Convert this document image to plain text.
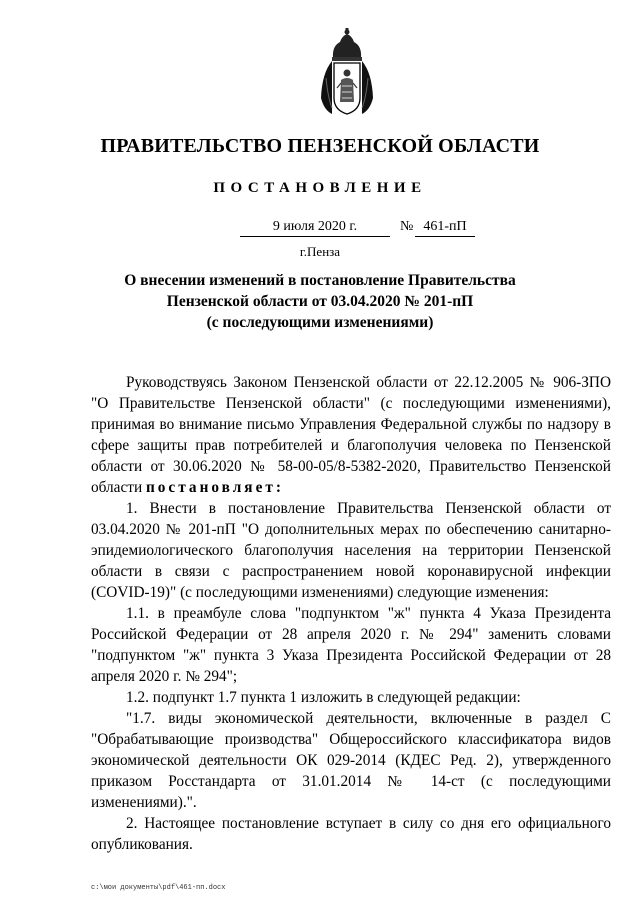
ПРАВИТЕЛЬСТВО ПЕНЗЕНСКОЙ ОБЛАСТИ
ПОСТАНОВЛЕНИЕ
9 июля 2020 г.	№ 461-пП
г.Пенза
О внесении изменений в постановление Правительства
Пензенской области от 03.04.2020 № 201-пП
(с последующими изменениями)

Руководствуясь Законом Пензенской области от 22.12.2005 № 906-ЗПО "О Правительстве Пензенской области" (с последующими изменениями), принимая во внимание письмо Управления Федеральной службы по надзору в сфере защиты прав потребителей и благополучия человека по Пензенской области от 30.06.2020 № 58-00-05/8-5382-2020, Правительство Пензенской области постановляет:

1. Внести в постановление Правительства Пензенской области от 03.04.2020 № 201-пП "О дополнительных мерах по обеспечению санитарно-эпидемиологического благополучия населения на территории Пензенской области в связи с распространением новой коронавирусной инфекции (COVID-19)" (с последующими изменениями) следующие изменения:

1.1. в преамбуле слова "подпунктом "ж" пункта 4 Указа Президента Российской Федерации от 28 апреля 2020 г. № 294" заменить словами "подпунктом "ж" пункта 3 Указа Президента Российской Федерации от 28 апреля 2020 г. № 294";

1.2. подпункт 1.7 пункта 1 изложить в следующей редакции:

"1.7. виды экономической деятельности, включенные в раздел С "Обрабатывающие производства" Общероссийского классификатора видов экономической деятельности ОК 029-2014 (КДЕС Ред. 2), утвержденного приказом Росстандарта от 31.01.2014 № 14-ст (с последующими изменениями).".

2. Настоящее постановление вступает в силу со дня его официального опубликования.

c:\мои документы\pdf\461-пп.docx
